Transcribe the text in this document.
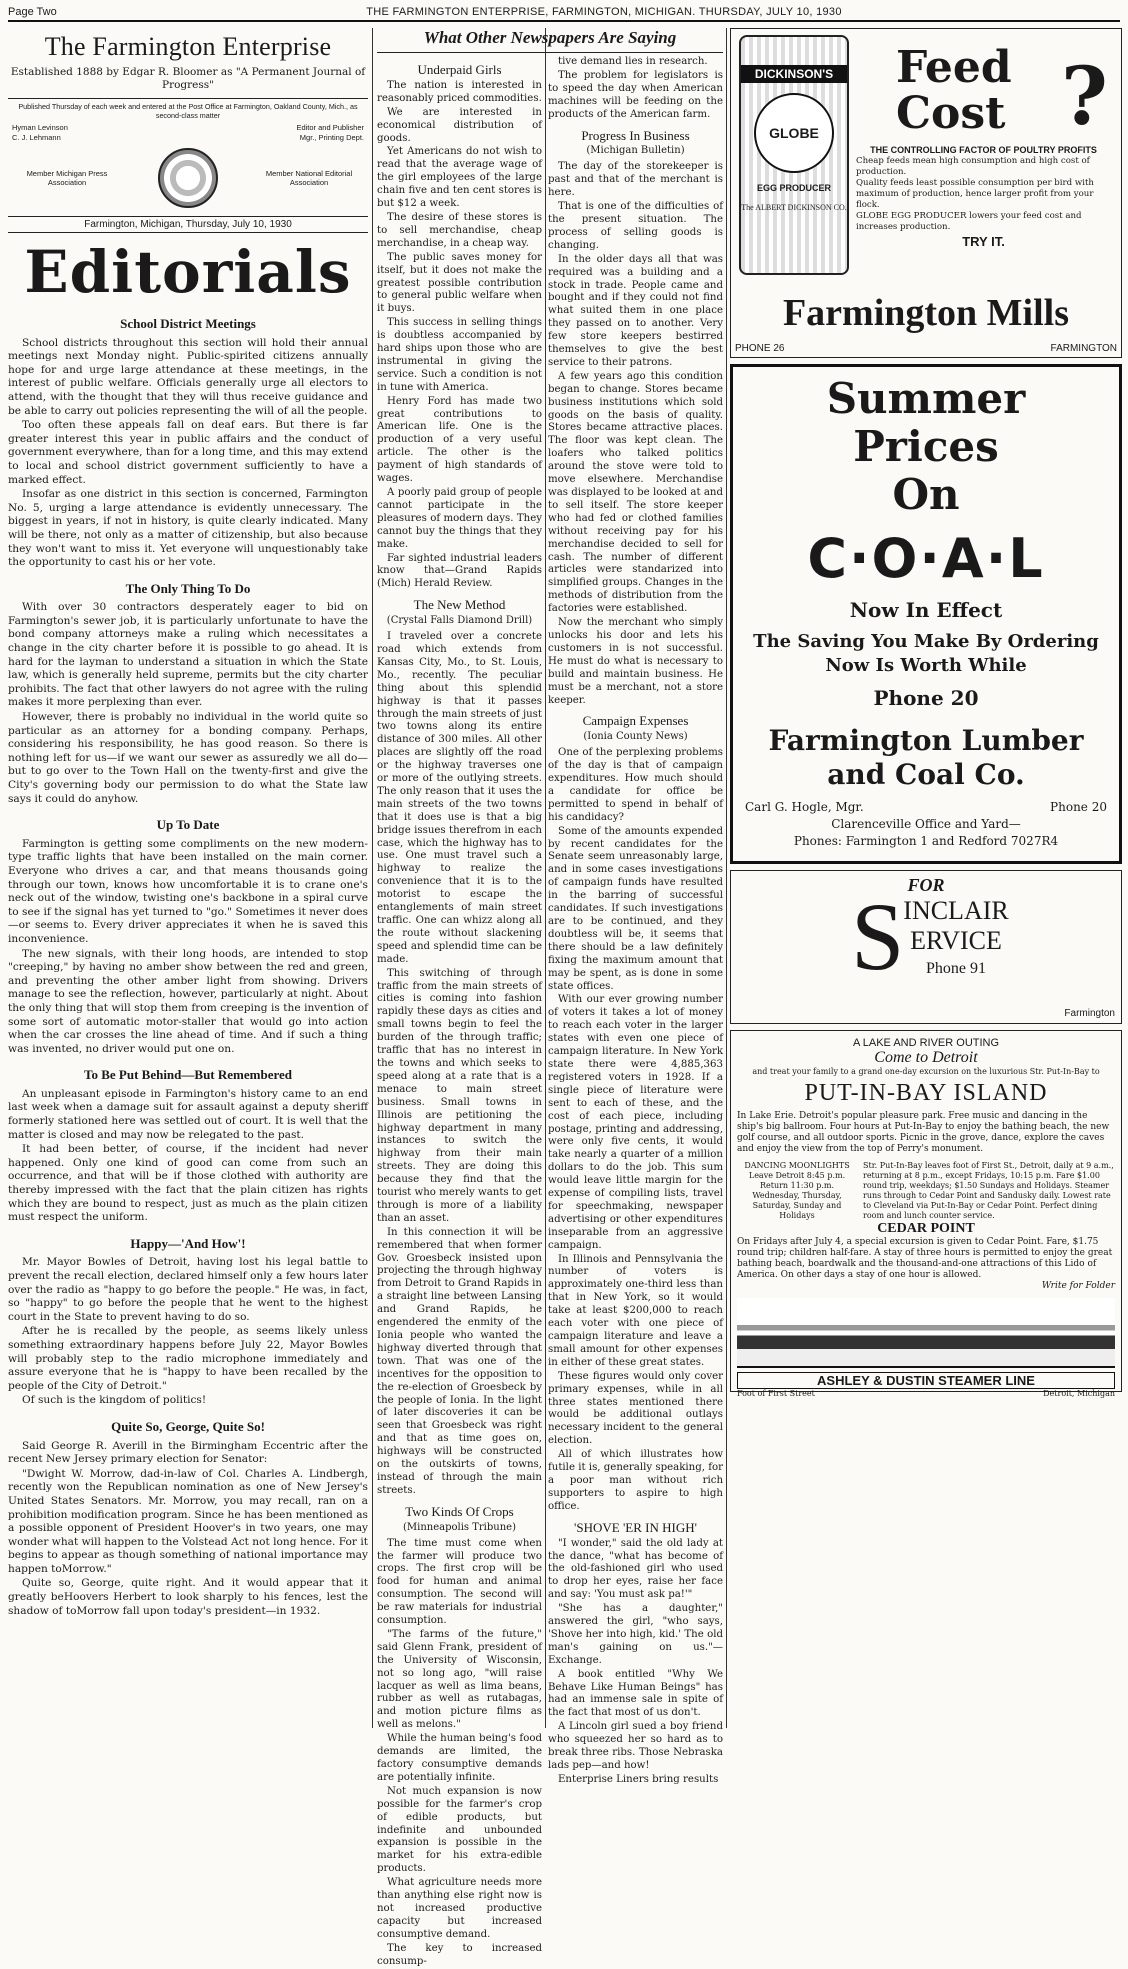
Page Two	THE FARMINGTON ENTERPRISE, FARMINGTON, MICHIGAN. THURSDAY, JULY 10, 1930
The Farmington Enterprise
Established 1888 by Edgar R. Bloomer as "A Permanent Journal of Progress"
Published Thursday of each week and entered at the Post Office at Farmington, Oakland County, Mich., as second-class matter
Hyman Levinson
C. J. Lehmann
Editor and Publisher
Mgr., Printing Dept.
Member Michigan Press Association
Member National Editorial Association
Farmington, Michigan, Thursday, July 10, 1930
Editorials
School District Meetings

School districts throughout this section will hold their annual meetings next Monday night. Public-spirited citizens annually hope for and urge large attendance at these meetings, in the interest of public welfare. Officials generally urge all electors to attend, with the thought that they will thus receive guidance and be able to carry out policies representing the will of all the people.

Too often these appeals fall on deaf ears. But there is far greater interest this year in public affairs and the conduct of government everywhere, than for a long time, and this may extend to local and school district government sufficiently to have a marked effect.

Insofar as one district in this section is concerned, Farmington No. 5, urging a large attendance is evidently unnecessary. The biggest in years, if not in history, is quite clearly indicated. Many will be there, not only as a matter of citizenship, but also because they won't want to miss it. Yet everyone will unquestionably take the opportunity to cast his or her vote.

The Only Thing To Do

With over 30 contractors desperately eager to bid on Farmington's sewer job, it is particularly unfortunate to have the bond company attorneys make a ruling which necessitates a change in the city charter before it is possible to go ahead. It is hard for the layman to understand a situation in which the State law, which is generally held supreme, permits but the city charter prohibits. The fact that other lawyers do not agree with the ruling makes it more perplexing than ever.

However, there is probably no individual in the world quite so particular as an attorney for a bonding company. Perhaps, considering his responsibility, he has good reason. So there is nothing left for us—if we want our sewer as assuredly we all do—but to go over to the Town Hall on the twenty-first and give the City's governing body our permission to do what the State law says it could do anyhow.

Up To Date

Farmington is getting some compliments on the new modern-type traffic lights that have been installed on the main corner. Everyone who drives a car, and that means thousands going through our town, knows how uncomfortable it is to crane one's neck out of the window, twisting one's backbone in a spiral curve to see if the signal has yet turned to "go." Sometimes it never does—or seems to. Every driver appreciates it when he is saved this inconvenience.

The new signals, with their long hoods, are intended to stop "creeping," by having no amber show between the red and green, and preventing the other amber light from showing. Drivers manage to see the reflection, however, particularly at night. About the only thing that will stop them from creeping is the invention of some sort of automatic motor-staller that would go into action when the car crosses the line ahead of time. And if such a thing was invented, no driver would put one on.

To Be Put Behind—But Remembered

An unpleasant episode in Farmington's history came to an end last week when a damage suit for assault against a deputy sheriff formerly stationed here was settled out of court. It is well that the matter is closed and may now be relegated to the past.

It had been better, of course, if the incident had never happened. Only one kind of good can come from such an occurrence, and that will be if those clothed with authority are thereby impressed with the fact that the plain citizen has rights which they are bound to respect, just as much as the plain citizen must respect the uniform.

Happy—'And How'!

Mr. Mayor Bowles of Detroit, having lost his legal battle to prevent the recall election, declared himself only a few hours later over the radio as "happy to go before the people." He was, in fact, so "happy" to go before the people that he went to the highest court in the State to prevent having to do so.

After he is recalled by the people, as seems likely unless something extraordinary happens before July 22, Mayor Bowles will probably step to the radio microphone immediately and assure everyone that he is "happy to have been recalled by the people of the City of Detroit."

Of such is the kingdom of politics!

Quite So, George, Quite So!

Said George R. Averill in the Birmingham Eccentric after the recent New Jersey primary election for Senator:

"Dwight W. Morrow, dad-in-law of Col. Charles A. Lindbergh, recently won the Republican nomination as one of New Jersey's United States Senators. Mr. Morrow, you may recall, ran on a prohibition modification program. Since he has been mentioned as a possible opponent of President Hoover's in two years, one may wonder what will happen to the Volstead Act not long hence. For it begins to appear as though something of national importance may happen toMorrow."

Quite so, George, quite right. And it would appear that it greatly beHoovers Herbert to look sharply to his fences, lest the shadow of toMorrow fall upon today's president—in 1932.

What Other Newspapers Are Saying
Underpaid Girls

The nation is interested in reasonably priced commodities.

We are interested in economical distribution of goods.

Yet Americans do not wish to read that the average wage of the girl employees of the large chain five and ten cent stores is but $12 a week.

The desire of these stores is to sell merchandise, cheap merchandise, in a cheap way.

The public saves money for itself, but it does not make the greatest possible contribution to general public welfare when it buys.

This success in selling things is doubtless accompanied by hard ships upon those who are instrumental in giving the service. Such a condition is not in tune with America.

Henry Ford has made two great contributions to American life. One is the production of a very useful article. The other is the payment of high standards of wages.

A poorly paid group of people cannot participate in the pleasures of modern days. They cannot buy the things that they make.

Far sighted industrial leaders know that—Grand Rapids (Mich) Herald Review.

The New Method
(Crystal Falls Diamond Drill)

I traveled over a concrete road which extends from Kansas City, Mo., to St. Louis, Mo., recently. The peculiar thing about this splendid highway is that it passes through the main streets of just two towns along its entire distance of 300 miles. All other places are slightly off the road or the highway traverses one or more of the outlying streets. The only reason that it uses the main streets of the two towns that it does use is that a big bridge issues therefrom in each case, which the highway has to use. One must travel such a highway to realize the convenience that it is to the motorist to escape the entanglements of main street traffic. One can whizz along all the route without slackening speed and splendid time can be made.

This switching of through traffic from the main streets of cities is coming into fashion rapidly these days as cities and small towns begin to feel the burden of the through traffic; traffic that has no interest in the towns and which seeks to speed along at a rate that is a menace to main street business. Small towns in Illinois are petitioning the highway department in many instances to switch the highway from their main streets. They are doing this because they find that the tourist who merely wants to get through is more of a liability than an asset.

In this connection it will be remembered that when former Gov. Groesbeck insisted upon projecting the through highway from Detroit to Grand Rapids in a straight line between Lansing and Grand Rapids, he engendered the enmity of the Ionia people who wanted the highway diverted through that town. That was one of the incentives for the opposition to the re-election of Groesbeck by the people of Ionia. In the light of later discoveries it can be seen that Groesbeck was right and that as time goes on, highways will be constructed on the outskirts of towns, instead of through the main streets.

Two Kinds Of Crops
(Minneapolis Tribune)

The time must come when the farmer will produce two crops. The first crop will be food for human and animal consumption. The second will be raw materials for industrial consumption.

"The farms of the future," said Glenn Frank, president of the University of Wisconsin, not so long ago, "will raise lacquer as well as lima beans, rubber as well as rutabagas, and motion picture films as well as melons."

While the human being's food demands are limited, the factory consumptive demands are potentially infinite.

Not much expansion is now possible for the farmer's crop of edible products, but indefinite and unbounded expansion is possible in the market for his extra-edible products.

What agriculture needs more than anything else right now is not increased productive capacity but increased consumptive demand.

The key to increased consump-

tive demand lies in research.

The problem for legislators is to speed the day when American machines will be feeding on the products of the American farm.

Progress In Business
(Michigan Bulletin)

The day of the storekeeper is past and that of the merchant is here.

That is one of the difficulties of the present situation. The process of selling goods is changing.

In the older days all that was required was a building and a stock in trade. People came and bought and if they could not find what suited them in one place they passed on to another. Very few store keepers bestirred themselves to give the best service to their patrons.

A few years ago this condition began to change. Stores became business institutions which sold goods on the basis of quality. Stores became attractive places. The floor was kept clean. The loafers who talked politics around the stove were told to move elsewhere. Merchandise was displayed to be looked at and to sell itself. The store keeper who had fed or clothed families without receiving pay for his merchandise decided to sell for cash. The number of different articles were standarized into simplified groups. Changes in the methods of distribution from the factories were established.

Now the merchant who simply unlocks his door and lets his customers in is not successful. He must do what is necessary to build and maintain business. He must be a merchant, not a store keeper.

Campaign Expenses
(Ionia County News)

One of the perplexing problems of the day is that of campaign expenditures. How much should a candidate for office be permitted to spend in behalf of his candidacy?

Some of the amounts expended by recent candidates for the Senate seem unreasonably large, and in some cases investigations of campaign funds have resulted in the barring of successful candidates. If such investigations are to be continued, and they doubtless will be, it seems that there should be a law definitely fixing the maximum amount that may be spent, as is done in some state offices.

With our ever growing number of voters it takes a lot of money to reach each voter in the larger states with even one piece of campaign literature. In New York state there were 4,885,363 registered voters in 1928. If a single piece of literature were sent to each of these, and the cost of each piece, including postage, printing and addressing, were only five cents, it would take nearly a quarter of a million dollars to do the job. This sum would leave little margin for the expense of compiling lists, travel for speechmaking, newspaper advertising or other expenditures inseparable from an aggressive campaign.

In Illinois and Pennsylvania the number of voters is approximately one-third less than that in New York, so it would take at least $200,000 to reach each voter with one piece of campaign literature and leave a small amount for other expenses in either of these great states.

These figures would only cover primary expenses, while in all three states mentioned there would be additional outlays necessary incident to the general election.

All of which illustrates how futile it is, generally speaking, for a poor man without rich supporters to aspire to high office.

'SHOVE 'ER IN HIGH'

"I wonder," said the old lady at the dance, "what has become of the old-fashioned girl who used to drop her eyes, raise her face and say: 'You must ask pa!'"

"She has a daughter," answered the girl, "who says, 'Shove her into high, kid.' The old man's gaining on us."—Exchange.

A book entitled "Why We Behave Like Human Beings" has had an immense sale in spite of the fact that most of us don't.

A Lincoln girl sued a boy friend who squeezed her so hard as to break three ribs. Those Nebraska lads pep—and how!

Enterprise Liners bring results

DICKINSON'S
GLOBE
EGG PRODUCER
The ALBERT DICKINSON CO.
Feed
Cost ?
THE CONTROLLING FACTOR OF POULTRY PROFITS
Cheap feeds mean high consumption and high cost of production.
Quality feeds least possible consumption per bird with maximum of production, hence larger profit from your flock.
GLOBE EGG PRODUCER lowers your feed cost and increases production.
TRY IT.
Farmington Mills
PHONE 26	FARMINGTON
Summer
Prices
On
C·O·A·L
Now In Effect
The Saving You Make By Ordering Now Is Worth While
Phone 20
Farmington Lumber and Coal Co.
Carl G. Hogle, Mgr.	Phone 20
Clarenceville Office and Yard—
Phones: Farmington 1 and Redford 7027R4
FOR
S
INCLAIR
ERVICE
Phone 91
Farmington
A LAKE AND RIVER OUTING
Come to Detroit
and treat your family to a grand one-day excursion on the luxurious Str. Put-In-Bay to
PUT-IN-BAY ISLAND
In Lake Erie. Detroit's popular pleasure park. Free music and dancing in the ship's big ballroom. Four hours at Put-In-Bay to enjoy the bathing beach, the new golf course, and all outdoor sports. Picnic in the grove, dance, explore the caves and enjoy the view from the top of Perry's monument.
DANCING MOONLIGHTS Leave Detroit 8:45 p.m. Return 11:30 p.m. Wednesday, Thursday, Saturday, Sunday and Holidays
Str. Put-In-Bay leaves foot of First St., Detroit, daily at 9 a.m., returning at 8 p.m., except Fridays, 10:15 p.m. Fare $1.00 round trip, weekdays; $1.50 Sundays and Holidays. Steamer runs through to Cedar Point and Sandusky daily. Lowest rate to Cleveland via Put-In-Bay or Cedar Point. Perfect dining room and lunch counter service.
CEDAR POINT
On Fridays after July 4, a special excursion is given to Cedar Point. Fare, $1.75 round trip; children half-fare. A stay of three hours is permitted to enjoy the great bathing beach, boardwalk and the thousand-and-one attractions of this Lido of America. On other days a stay of one hour is allowed.
Write for Folder
ASHLEY & DUSTIN STEAMER LINE
Foot of First Street	Detroit, Michigan
